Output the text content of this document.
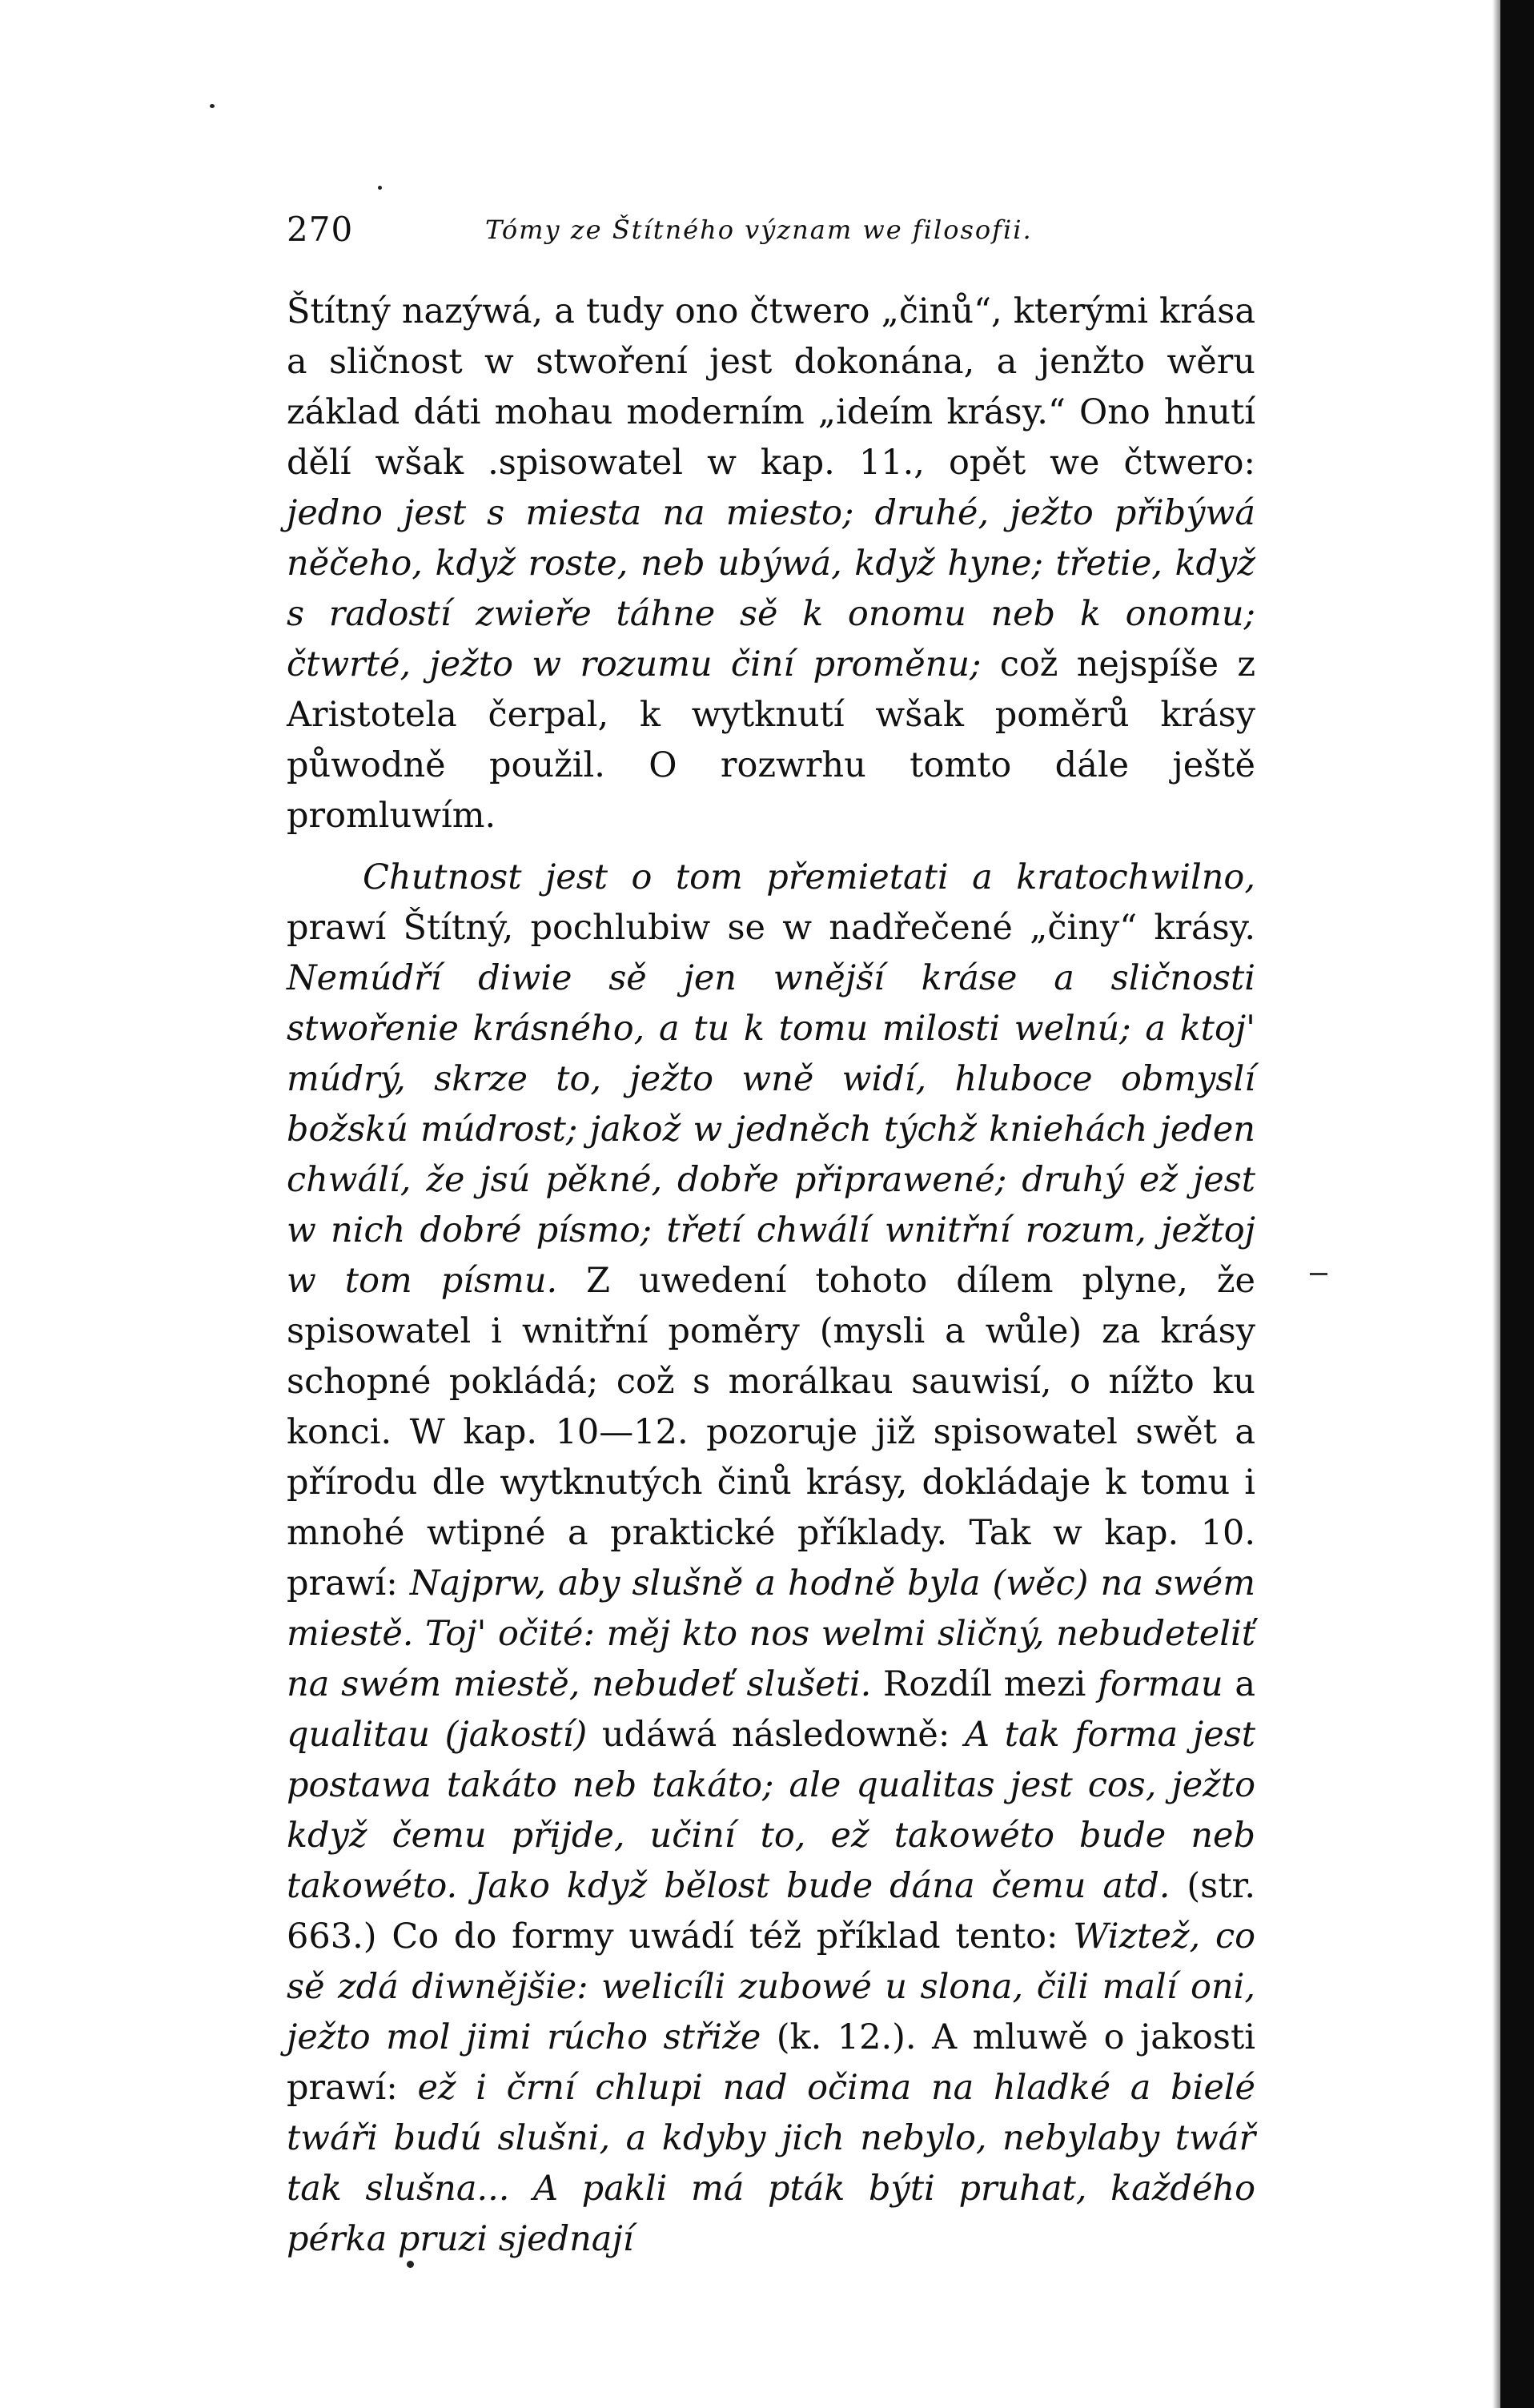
270	Tómy ze Štítného význam we filosofii.

Štítný nazýwá, a tudy ono čtwero „činů“, kterými krása a sličnost w stwoření jest dokonána, a jenžto wěru základ dáti mohau moderním „ideím krásy.“ Ono hnutí dělí wšak .spisowatel w kap. 11., opět we čtwero: jedno jest s miesta na miesto; druhé, ježto přibýwá něčeho, když roste, neb ubýwá, když hyne; třetie, když s radostí zwieře táhne sě k onomu neb k onomu; čtwrté, ježto w rozumu činí proměnu; což nejspíše z Aristotela čerpal, k wytknutí wšak poměrů krásy půwodně použil. O rozwrhu tomto dále ještě promluwím.

Chutnost jest o tom přemietati a kratochwilno, prawí Štítný, pochlubiw se w nadřečené „činy“ krásy. Nemúdří diwie sě jen wnější kráse a sličnosti stwořenie krásného, a tu k tomu milosti welnú; a ktoj' múdrý, skrze to, ježto wně widí, hluboce obmyslí božskú múdrost; jakož w jedněch týchž kniehách jeden chwálí, že jsú pěkné, dobře připrawené; druhý ež jest w nich dobré písmo; třetí chwálí wnitřní rozum, ježtoj w tom písmu. Z uwedení tohoto dílem plyne, že spisowatel i wnitřní poměry (mysli a wůle) za krásy schopné pokládá; což s morálkau sauwisí, o nížto ku konci. W kap. 10—12. pozoruje již spisowatel swět a přírodu dle wytknutých činů krásy, dokládaje k tomu i mnohé wtipné a praktické příklady. Tak w kap. 10. prawí: Najprw, aby slušně a hodně byla (wěc) na swém miestě. Toj' očité: měj kto nos welmi sličný, nebudeteliť na swém miestě, nebudeť slušeti. Rozdíl mezi formau a qualitau (jakostí) udáwá následowně: A tak forma jest postawa takáto neb takáto; ale qualitas jest cos, ježto když čemu přijde, učiní to, ež takowéto bude neb takowéto. Jako když bělost bude dána čemu atd. (str. 663.) Co do formy uwádí též příklad tento: Wiztež, co sě zdá diwnějšie: welicíli zubowé u slona, čili malí oni, ježto mol jimi rúcho střiže (k. 12.). A mluwě o jakosti prawí: ež i črní chlupi nad očima na hladké a bielé twáři budú slušni, a kdyby jich nebylo, nebylaby twář tak slušna... A pakli má pták býti pruhat, každého pérka pruzi sjednají
